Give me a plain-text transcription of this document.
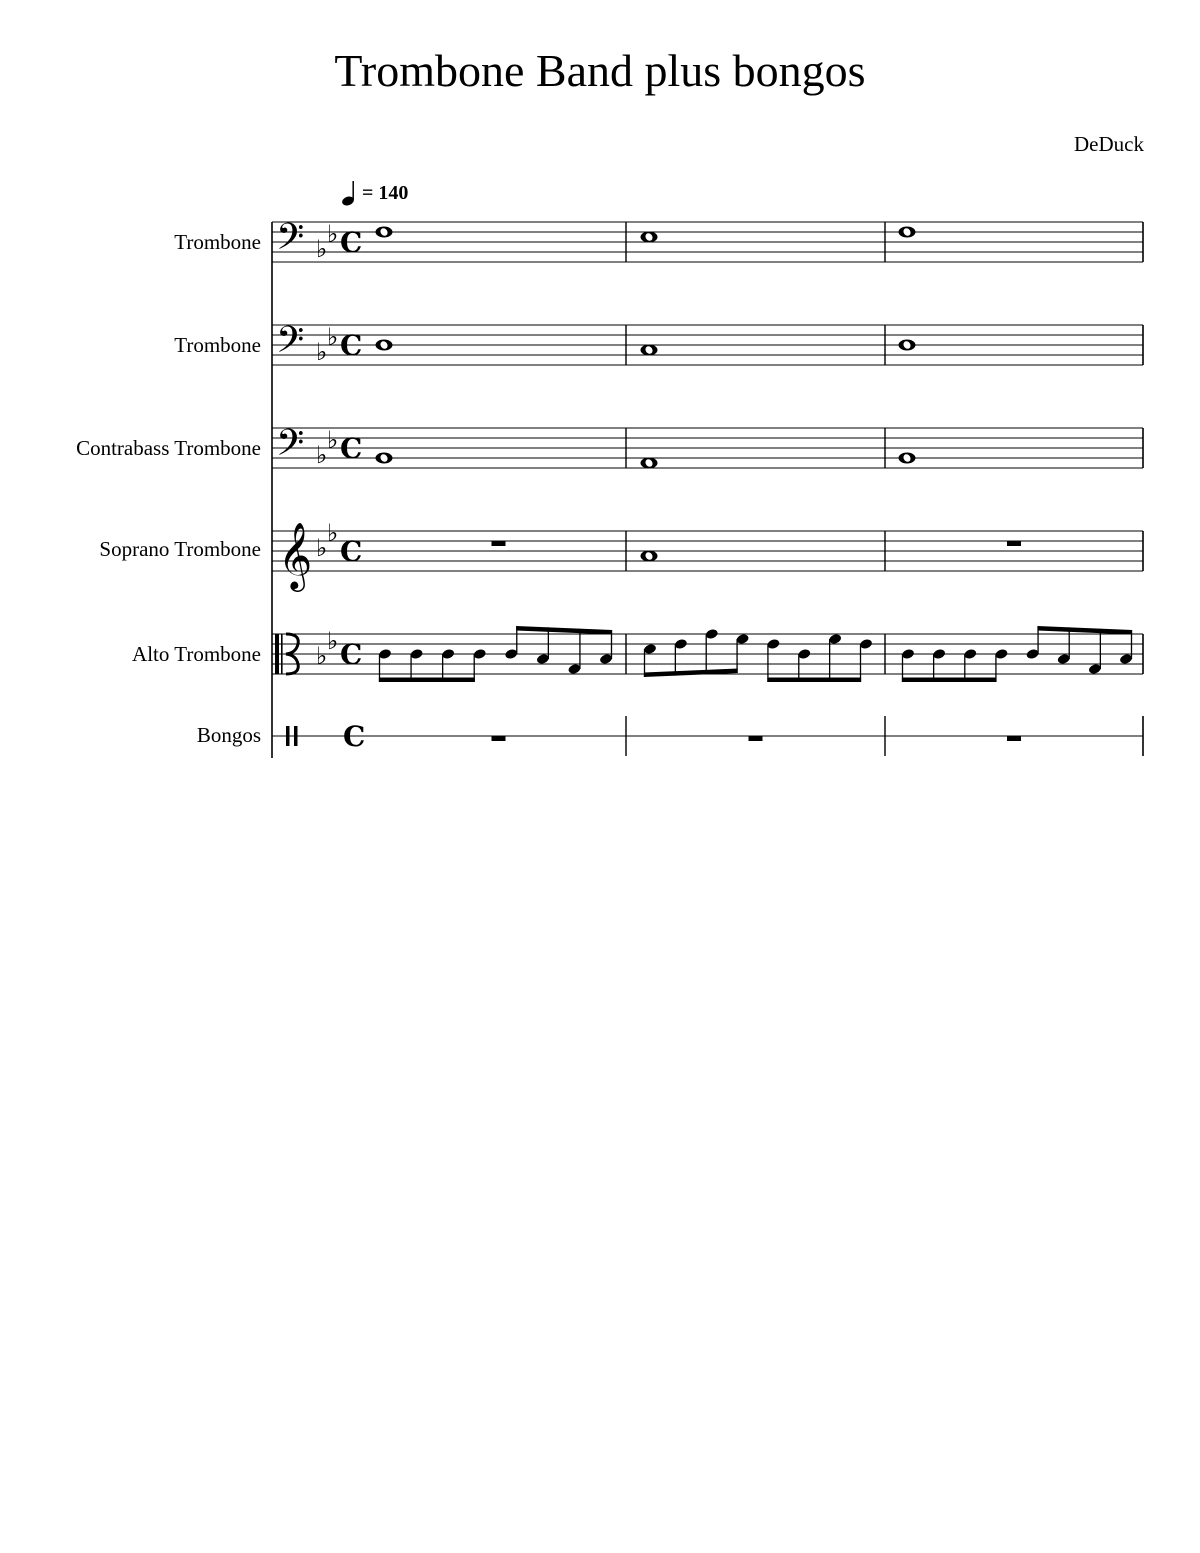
Trombone Band plus bongos
DeDuck
= 140
Trombone
Trombone
Contrabass Trombone
Soprano Trombone
Alto Trombone
Bongos
𝄢 ♭
♭ C
𝄢 ♭
♭ C
𝄢 ♭
♭ C
𝄞 ♭
♭
C
♭
♭ C
C
